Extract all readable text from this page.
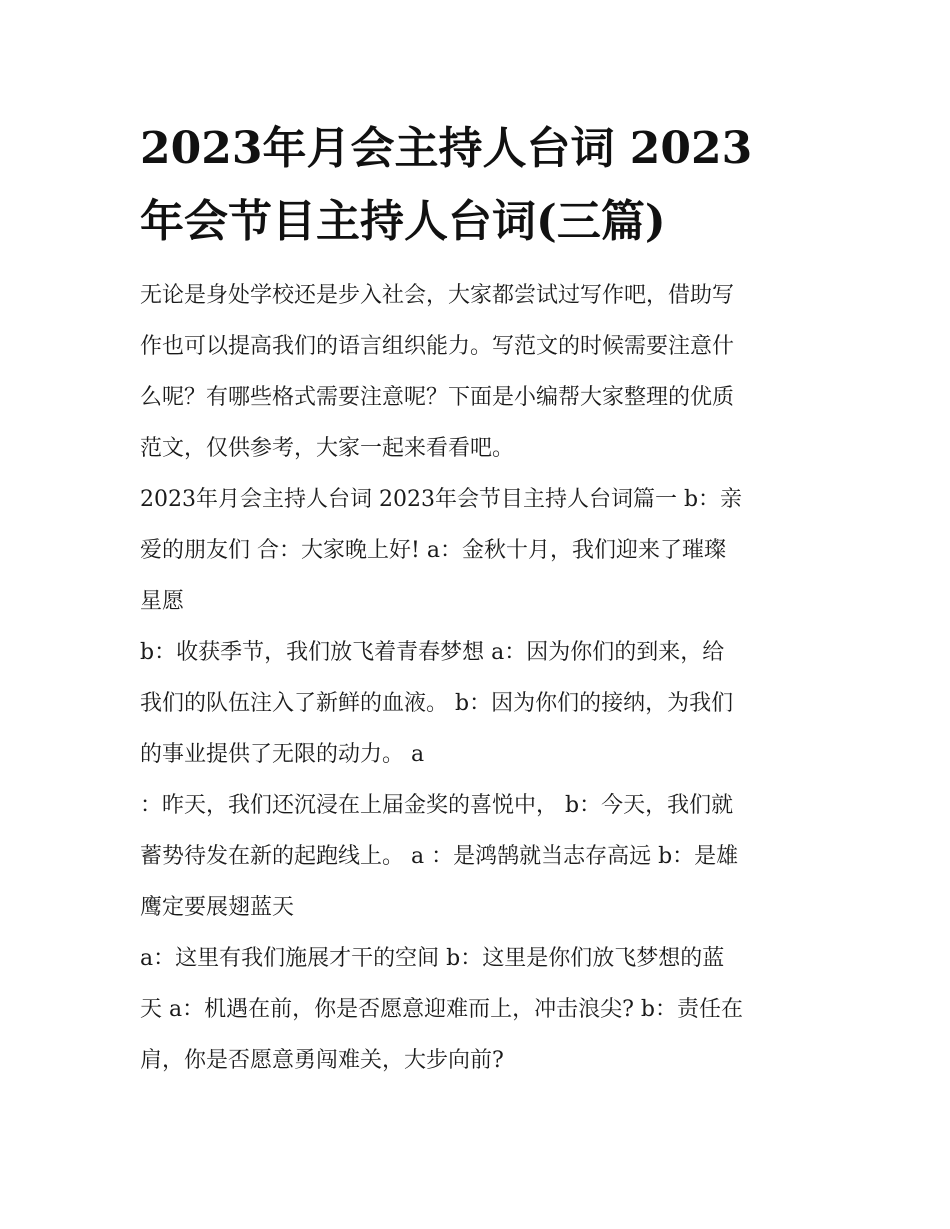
2023年月会主持人台词 2023
年会节目主持人台词(三篇)

无论是身处学校还是步入社会，大家都尝试过写作吧，借助写
作也可以提高我们的语言组织能力。写范文的时候需要注意什
么呢？有哪些格式需要注意呢？下面是小编帮大家整理的优质
范文，仅供参考，大家一起来看看吧。

2023年月会主持人台词 2023年会节目主持人台词篇一 b：亲
爱的朋友们 合：大家晚上好! a：金秋十月，我们迎来了璀璨
星愿

b：收获季节，我们放飞着青春梦想 a：因为你们的到来，给
我们的队伍注入了新鲜的血液。 b：因为你们的接纳，为我们
的事业提供了无限的动力。 a

：昨天，我们还沉浸在上届金奖的喜悦中， b：今天，我们就
蓄势待发在新的起跑线上。 a ：是鸿鹄就当志存高远 b：是雄
鹰定要展翅蓝天

a：这里有我们施展才干的空间 b：这里是你们放飞梦想的蓝
天 a：机遇在前，你是否愿意迎难而上，冲击浪尖? b：责任在
肩，你是否愿意勇闯难关，大步向前?
